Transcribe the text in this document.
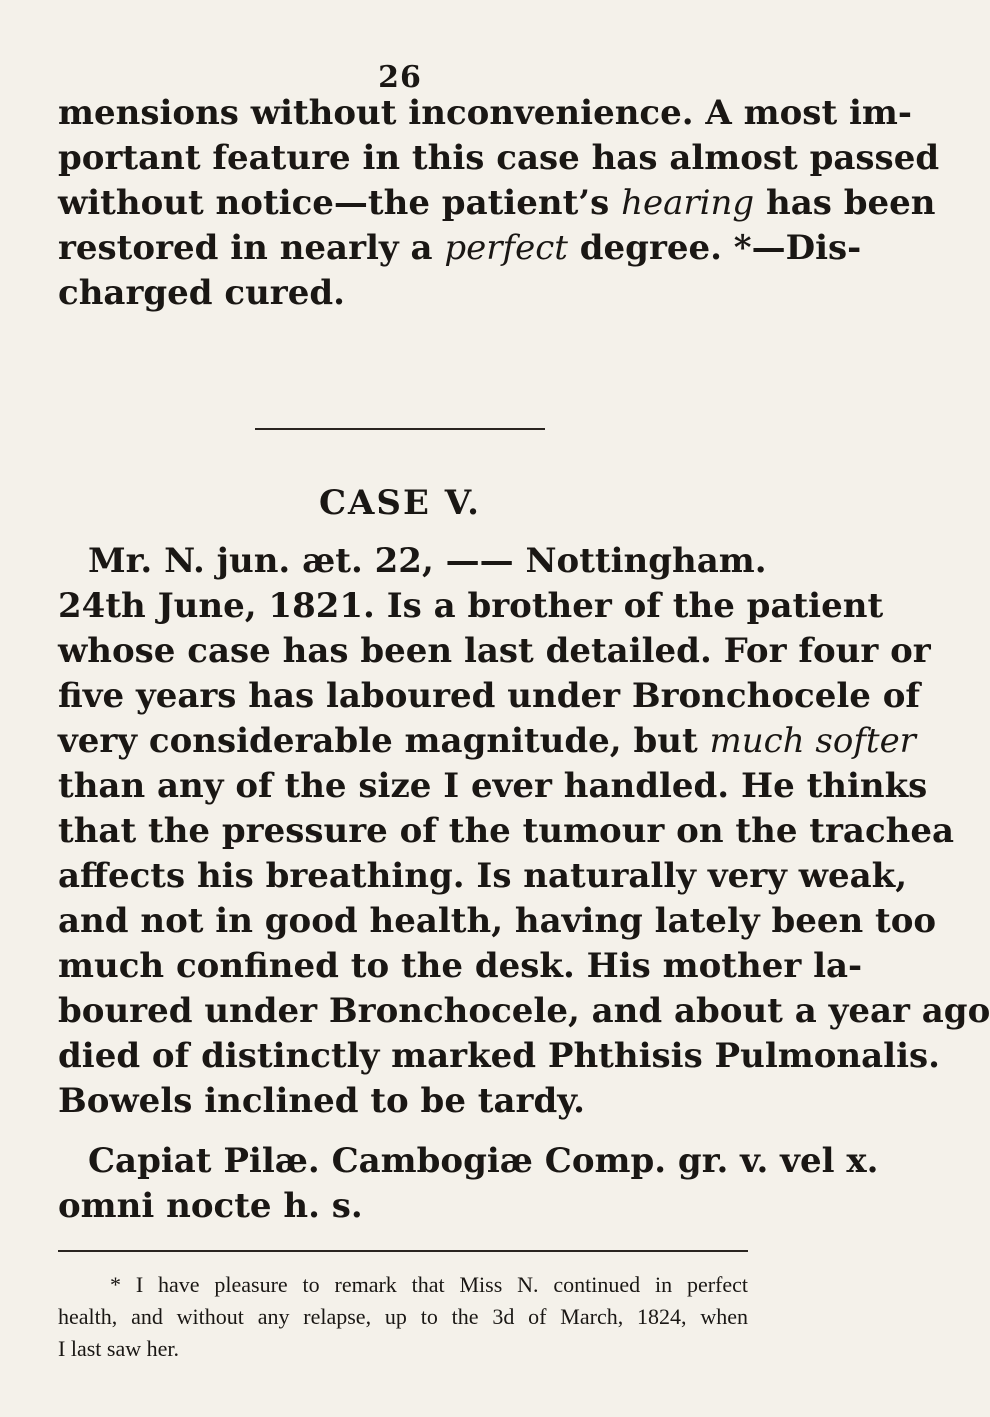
26
mensions without inconvenience. A most im-
portant feature in this case has almost passed
without notice—the patient’s hearing has been
restored in nearly a perfect degree. *—Dis-
charged cured.
CASE V.
Mr. N. jun. æt. 22, —— Nottingham.
24th June, 1821. Is a brother of the patient
whose case has been last detailed. For four or
five years has laboured under Bronchocele of
very considerable magnitude, but much softer
than any of the size I ever handled. He thinks
that the pressure of the tumour on the trachea
affects his breathing. Is naturally very weak,
and not in good health, having lately been too
much confined to the desk. His mother la-
boured under Bronchocele, and about a year ago
died of distinctly marked Phthisis Pulmonalis.
Bowels inclined to be tardy.
Capiat Pilæ. Cambogiæ Comp. gr. v. vel x.
omni nocte h. s.
* I have pleasure to remark that Miss N. continued in perfect
health, and without any relapse, up to the 3d of March, 1824, when
I last saw her.
